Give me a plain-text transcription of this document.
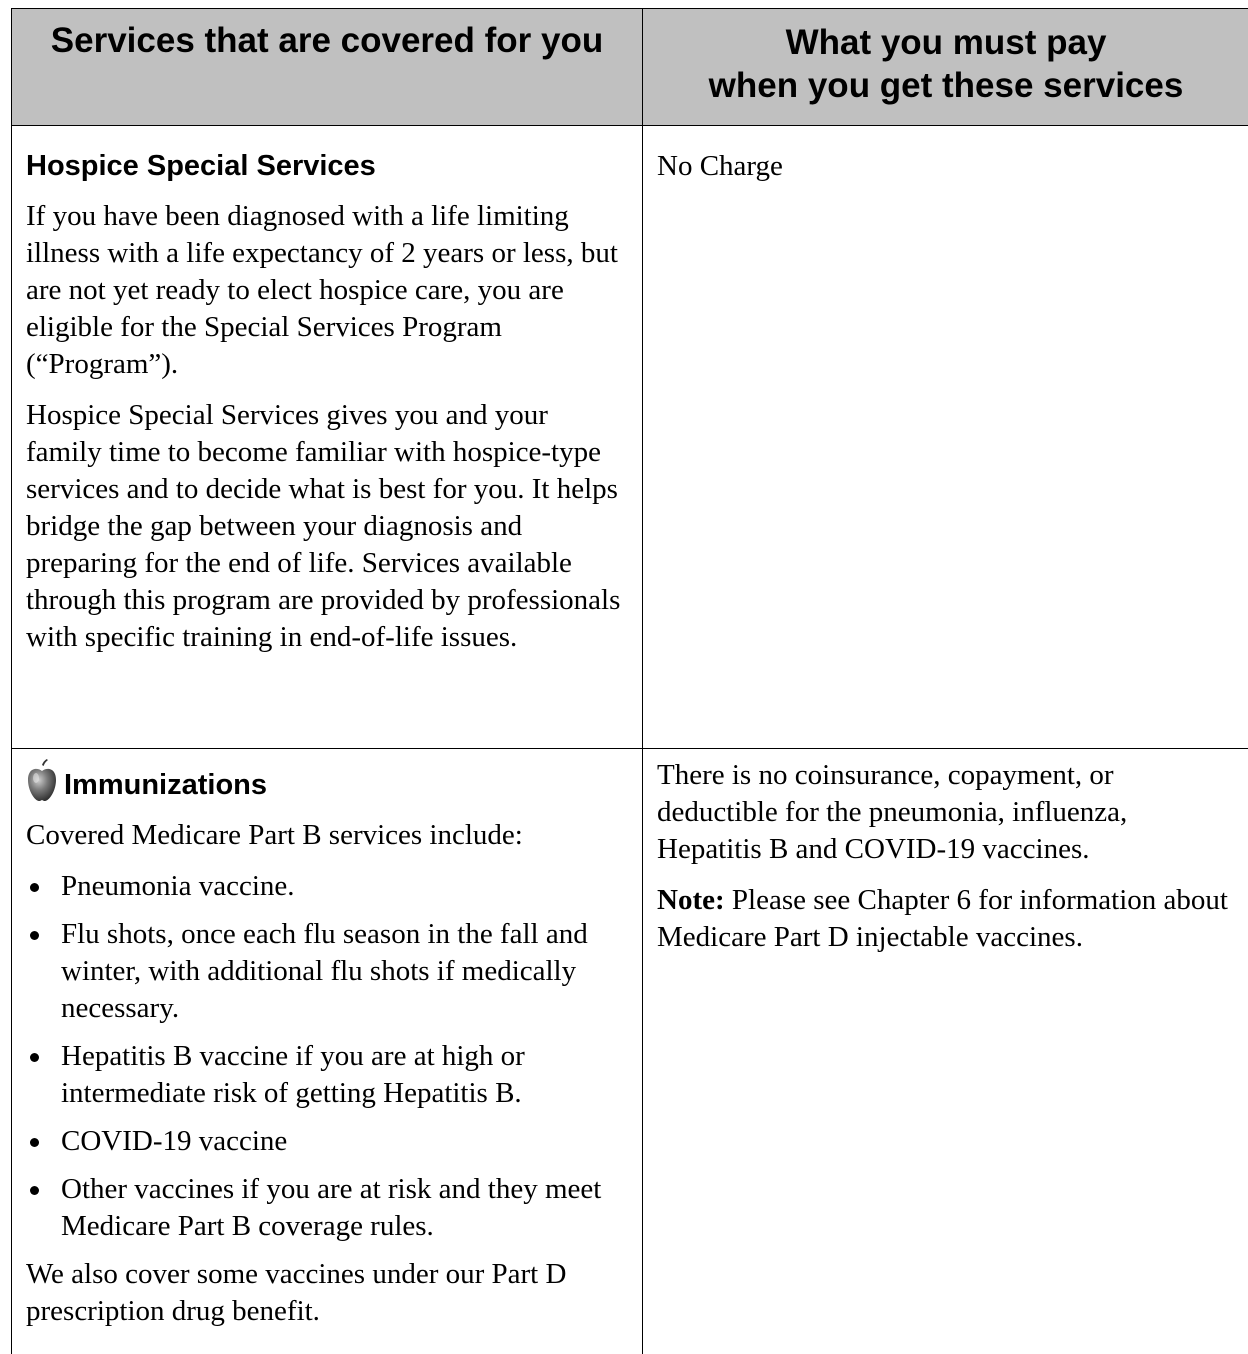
Services that are covered for you	What you must pay
when you get these services
Hospice Special Services

If you have been diagnosed with a life limiting illness with a life expectancy of 2 years or less, but are not yet ready to elect hospice care, you are eligible for the Special Services Program (“Program”).

Hospice Special Services gives you and your family time to become familiar with hospice-type services and to decide what is best for you. It helps bridge the gap between your diagnosis and preparing for the end of life. Services available through this program are provided by professionals with specific training in end-of-life issues.

No Charge

Immunizations

Covered Medicare Part B services include:

Pneumonia vaccine.
Flu shots, once each flu season in the fall and winter, with additional flu shots if medically necessary.
Hepatitis B vaccine if you are at high or intermediate risk of getting Hepatitis B.
COVID-19 vaccine
Other vaccines if you are at risk and they meet Medicare Part B coverage rules.

We also cover some vaccines under our Part D prescription drug benefit.

There is no coinsurance, copayment, or deductible for the pneumonia, influenza, Hepatitis B and COVID-19 vaccines.

Note: Please see Chapter 6 for information about Medicare Part D injectable vaccines.
